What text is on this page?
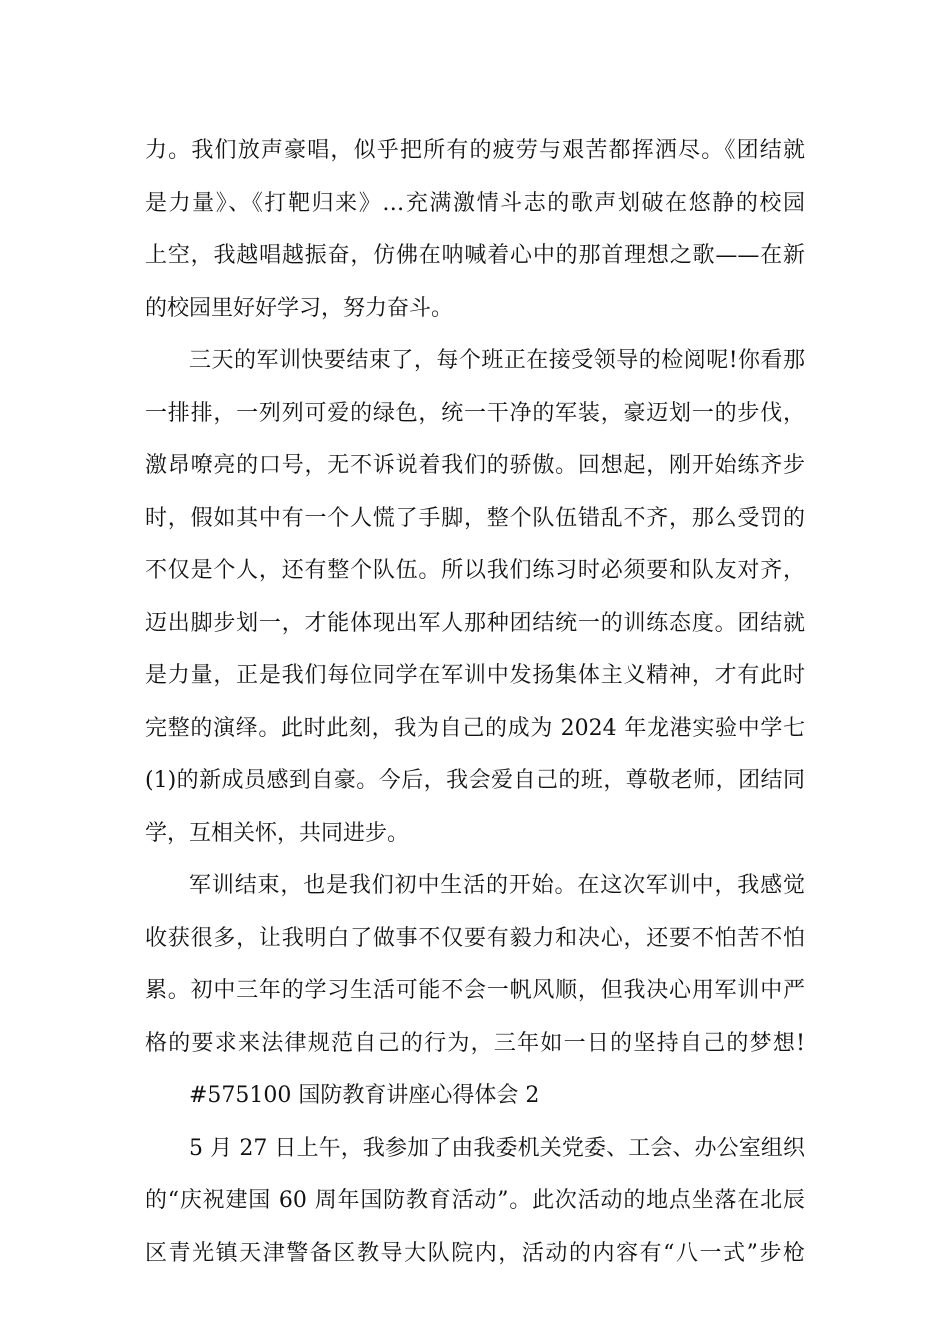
力。我们放声豪唱，似乎把所有的疲劳与艰苦都挥洒尽。《团结就
是力量》、《打靶归来》…充满激情斗志的歌声划破在悠静的校园
上空，我越唱越振奋，仿佛在呐喊着心中的那首理想之歌——在新
的校园里好好学习，努力奋斗。
三天的军训快要结束了，每个班正在接受领导的检阅呢!你看那
一排排，一列列可爱的绿色，统一干净的军装，豪迈划一的步伐，
激昂嘹亮的口号，无不诉说着我们的骄傲。回想起，刚开始练齐步
时，假如其中有一个人慌了手脚，整个队伍错乱不齐，那么受罚的
不仅是个人，还有整个队伍。所以我们练习时必须要和队友对齐，
迈出脚步划一，才能体现出军人那种团结统一的训练态度。团结就
是力量，正是我们每位同学在军训中发扬集体主义精神，才有此时
完整的演绎。此时此刻，我为自己的成为 2024 年龙港实验中学七
(1)的新成员感到自豪。今后，我会爱自己的班，尊敬老师，团结同
学，互相关怀，共同进步。
军训结束，也是我们初中生活的开始。在这次军训中，我感觉
收获很多，让我明白了做事不仅要有毅力和决心，还要不怕苦不怕
累。初中三年的学习生活可能不会一帆风顺，但我决心用军训中严
格的要求来法律规范自己的行为，三年如一日的坚持自己的梦想!
#575100 国防教育讲座心得体会 2
5 月 27 日上午，我参加了由我委机关党委、工会、办公室组织
的“庆祝建国 60 周年国防教育活动”。此次活动的地点坐落在北辰
区青光镇天津警备区教导大队院内，活动的内容有“八一式”步枪
